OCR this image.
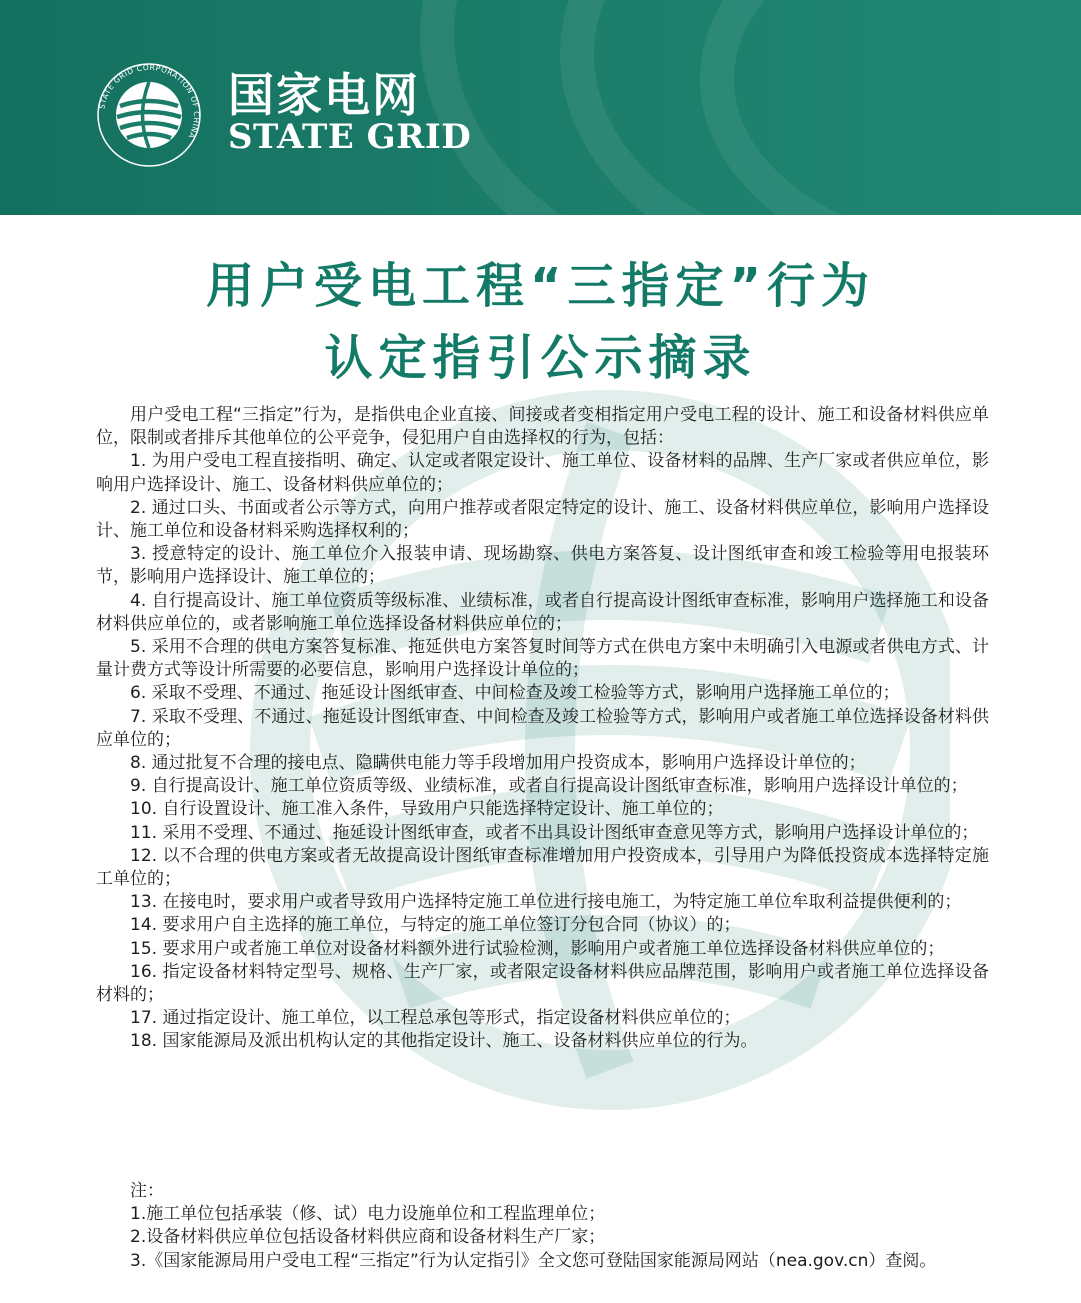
STATE GRID CORPORATION OF CHINA
国家电网
STATE GRID
用户受电工程“三指定”行为
认定指引公示摘录

用户受电工程“三指定”行为，是指供电企业直接、间接或者变相指定用户受电工程的设计、施工和设备材料供应单位，限制或者排斥其他单位的公平竞争，侵犯用户自由选择权的行为，包括：

1. 为用户受电工程直接指明、确定、认定或者限定设计、施工单位、设备材料的品牌、生产厂家或者供应单位，影响用户选择设计、施工、设备材料供应单位的；

2. 通过口头、书面或者公示等方式，向用户推荐或者限定特定的设计、施工、设备材料供应单位，影响用户选择设计、施工单位和设备材料采购选择权利的；

3. 授意特定的设计、施工单位介入报装申请、现场勘察、供电方案答复、设计图纸审查和竣工检验等用电报装环节，影响用户选择设计、施工单位的；

4. 自行提高设计、施工单位资质等级标准、业绩标准，或者自行提高设计图纸审查标准，影响用户选择施工和设备材料供应单位的，或者影响施工单位选择设备材料供应单位的；

5. 采用不合理的供电方案答复标准、拖延供电方案答复时间等方式在供电方案中未明确引入电源或者供电方式、计量计费方式等设计所需要的必要信息，影响用户选择设计单位的；

6. 采取不受理、不通过、拖延设计图纸审查、中间检查及竣工检验等方式，影响用户选择施工单位的；

7. 采取不受理、不通过、拖延设计图纸审查、中间检查及竣工检验等方式，影响用户或者施工单位选择设备材料供应单位的；

8. 通过批复不合理的接电点、隐瞒供电能力等手段增加用户投资成本，影响用户选择设计单位的；

9. 自行提高设计、施工单位资质等级、业绩标准，或者自行提高设计图纸审查标准，影响用户选择设计单位的；

10. 自行设置设计、施工准入条件，导致用户只能选择特定设计、施工单位的；

11. 采用不受理、不通过、拖延设计图纸审查，或者不出具设计图纸审查意见等方式，影响用户选择设计单位的；

12. 以不合理的供电方案或者无故提高设计图纸审查标准增加用户投资成本，引导用户为降低投资成本选择特定施工单位的；

13. 在接电时，要求用户或者导致用户选择特定施工单位进行接电施工，为特定施工单位牟取利益提供便利的；

14. 要求用户自主选择的施工单位，与特定的施工单位签订分包合同（协议）的；

15. 要求用户或者施工单位对设备材料额外进行试验检测，影响用户或者施工单位选择设备材料供应单位的；

16. 指定设备材料特定型号、规格、生产厂家，或者限定设备材料供应品牌范围，影响用户或者施工单位选择设备材料的；

17. 通过指定设计、施工单位，以工程总承包等形式，指定设备材料供应单位的；

18. 国家能源局及派出机构认定的其他指定设计、施工、设备材料供应单位的行为。

注：

1.施工单位包括承装（修、试）电力设施单位和工程监理单位；

2.设备材料供应单位包括设备材料供应商和设备材料生产厂家；

3.《国家能源局用户受电工程“三指定”行为认定指引》全文您可登陆国家能源局网站（nea.gov.cn）查阅。
